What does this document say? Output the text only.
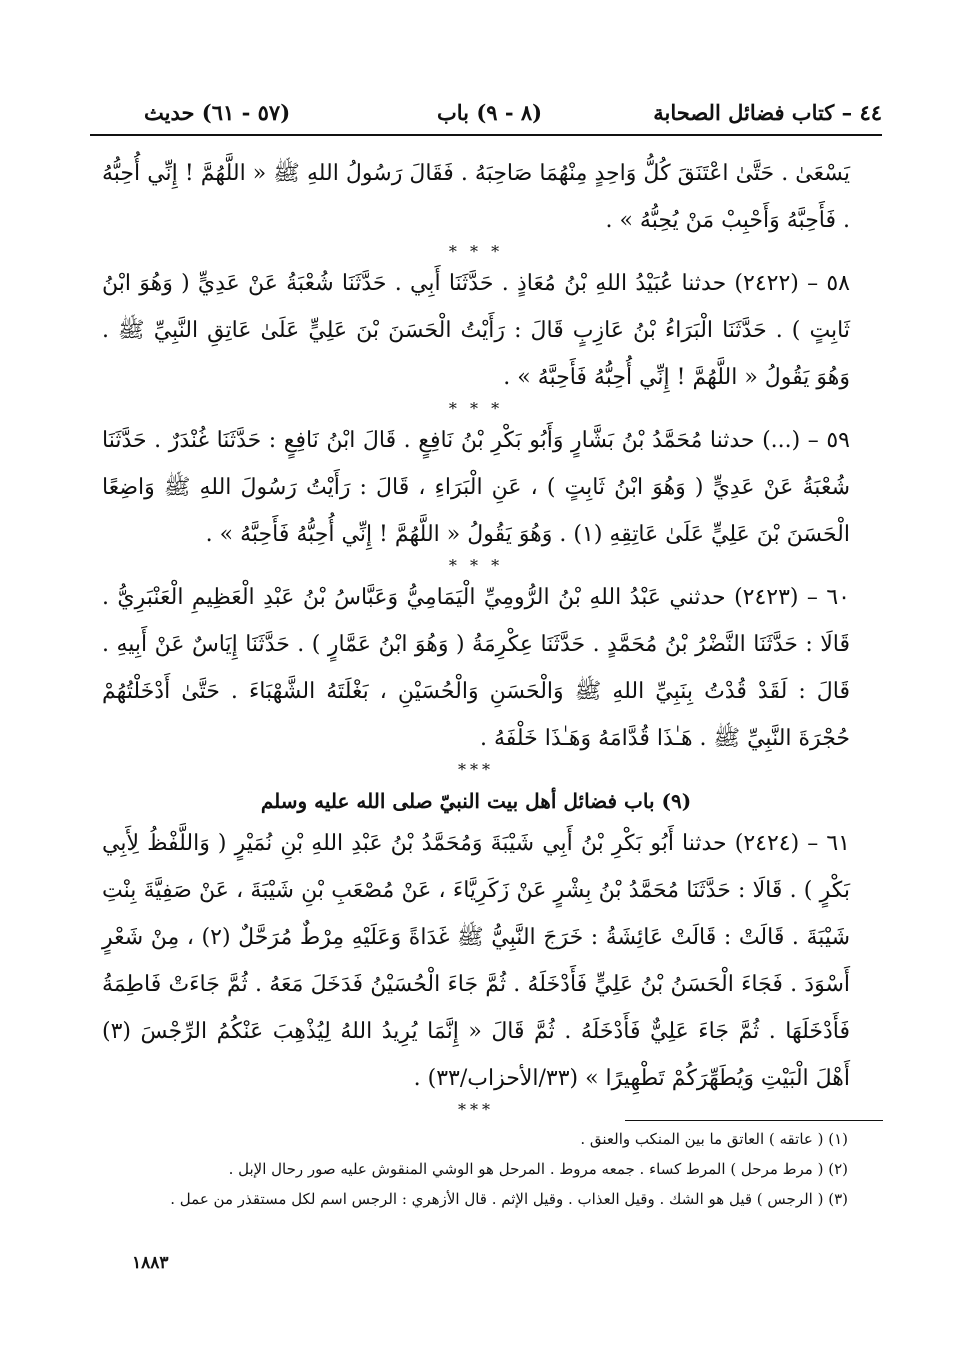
٤٤ – كتاب فضائل الصحابة
(٨ - ٩) باب
(٥٧ - ٦١) حديث

يَسْعَىٰ . حَتَّىٰ اعْتَنَقَ كُلُّ وَاحِدٍ مِنْهُمَا صَاحِبَهُ . فَقَالَ رَسُولُ اللهِ ﷺ « اللَّهُمَّ ! إِنِّي أُحِبُّهُ . فَأَحِبَّهُ وَأَحْبِبْ مَنْ يُحِبُّهُ » .

* * *

٥٨ – (٢٤٢٢) حدثنا عُبَيْدُ اللهِ بْنُ مُعَاذٍ . حَدَّثَنَا أَبِي . حَدَّثَنَا شُعْبَةُ عَنْ عَدِيٍّ ( وَهُوَ ابْنُ ثَابِتٍ ) . حَدَّثَنَا الْبَرَاءُ بْنُ عَازِبٍ قَالَ : رَأَيْتُ الْحَسَنَ بْنَ عَلِيٍّ عَلَىٰ عَاتِقِ النَّبِيِّ ﷺ . وَهُوَ يَقُولُ « اللَّهُمَّ ! إِنِّي أُحِبُّهُ فَأَحِبَّهُ » .

* * *

٥٩ – (...) حدثنا مُحَمَّدُ بْنُ بَشَّارٍ وَأَبُو بَكْرِ بْنُ نَافِعٍ . قَالَ ابْنُ نَافِعٍ : حَدَّثَنَا غُنْدَرٌ . حَدَّثَنَا شُعْبَةُ عَنْ عَدِيٍّ ( وَهُوَ ابْنُ ثَابِتٍ ) ، عَنِ الْبَرَاءِ ، قَالَ : رَأَيْتُ رَسُولَ اللهِ ﷺ وَاضِعًا الْحَسَنَ بْنَ عَلِيٍّ عَلَىٰ عَاتِقِهِ (١) . وَهُوَ يَقُولُ « اللَّهُمَّ ! إِنِّي أُحِبُّهُ فَأَحِبَّهُ » .

* * *

٦٠ – (٢٤٢٣) حدثني عَبْدُ اللهِ بْنُ الرُّومِيِّ الْيَمَامِيُّ وَعَبَّاسُ بْنُ عَبْدِ الْعَظِيمِ الْعَنْبَرِيُّ . قَالَا : حَدَّثَنَا النَّضْرُ بْنُ مُحَمَّدٍ . حَدَّثَنَا عِكْرِمَةُ ( وَهُوَ ابْنُ عَمَّارٍ ) . حَدَّثَنَا إِيَاسٌ عَنْ أَبِيهِ . قَالَ : لَقَدْ قُدْتُ بِنَبِيِّ اللهِ ﷺ وَالْحَسَنِ وَالْحُسَيْنِ ، بَغْلَتَهُ الشَّهْبَاءَ . حَتَّىٰ أَدْخَلْتُهُمْ حُجْرَةَ النَّبِيِّ ﷺ . هَـٰذَا قُدَّامَهُ وَهَـٰذَا خَلْفَهُ .

***
(٩) باب فضائل أهل بيت النبيّ صلى الله عليه وسلم

٦١ – (٢٤٢٤) حدثنا أَبُو بَكْرِ بْنُ أَبِي شَيْبَةَ وَمُحَمَّدُ بْنُ عَبْدِ اللهِ بْنِ نُمَيْرٍ ( وَاللَّفْظُ لِأَبِي بَكْرٍ ) . قَالَا : حَدَّثَنَا مُحَمَّدُ بْنُ بِشْرٍ عَنْ زَكَرِيَّاءَ ، عَنْ مُصْعَبِ بْنِ شَيْبَةَ ، عَنْ صَفِيَّةَ بِنْتِ شَيْبَةَ . قَالَتْ : قَالَتْ عَائِشَةُ : خَرَجَ النَّبِيُّ ﷺ غَدَاةً وَعَلَيْهِ مِرْطٌ مُرَحَّلٌ (٢) ، مِنْ شَعْرٍ أَسْوَدَ . فَجَاءَ الْحَسَنُ بْنُ عَلِيٍّ فَأَدْخَلَهُ . ثُمَّ جَاءَ الْحُسَيْنُ فَدَخَلَ مَعَهُ . ثُمَّ جَاءَتْ فَاطِمَةُ فَأَدْخَلَهَا . ثُمَّ جَاءَ عَلِيٌّ فَأَدْخَلَهُ . ثُمَّ قَالَ « إِنَّمَا يُرِيدُ اللهُ لِيُذْهِبَ عَنْكُمُ الرِّجْسَ (٣) أَهْلَ الْبَيْتِ وَيُطَهِّرَكُمْ تَطْهِيرًا » (٣٣/الأحزاب/٣٣) .

***
(١) ( عاتقه ) العاتق ما بين المنكب والعنق .
(٢) ( مرط مرحل ) المرط كساء . جمعه مروط . المرحل هو الوشي المنقوش عليه صور رحال الإبل .
(٣) ( الرجس ) قيل هو الشك . وقيل العذاب . وقيل الإثم . قال الأزهري : الرجس اسم لكل مستقذر من عمل .
١٨٨٣
